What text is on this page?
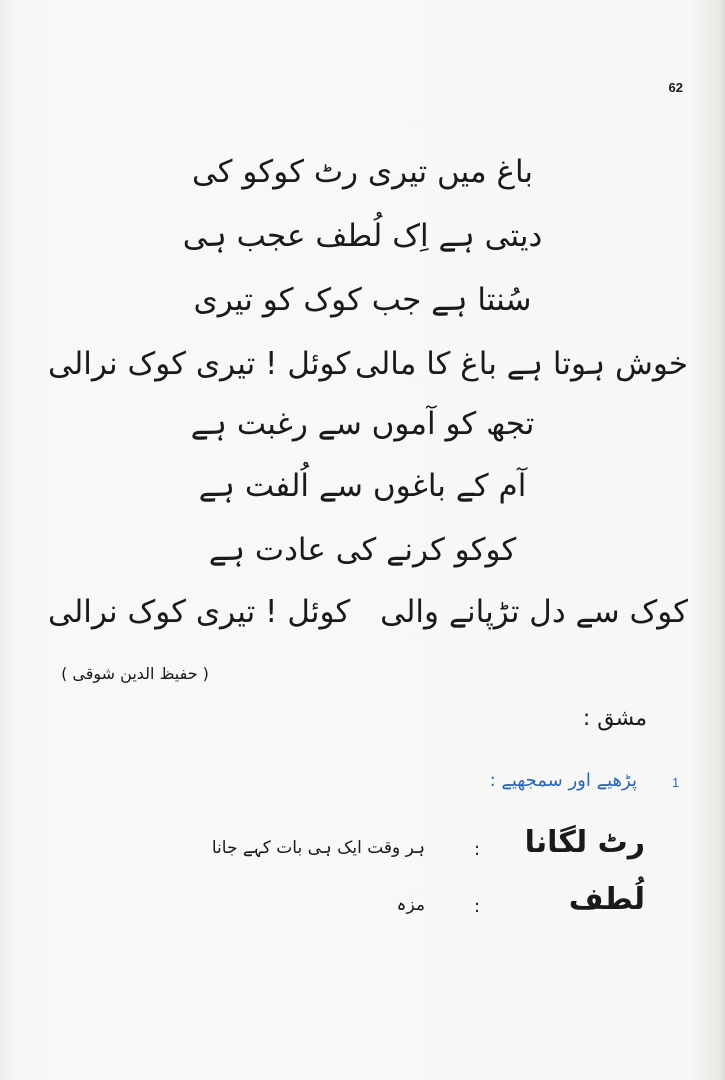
62
باغ میں تیری رٹ کوکو کی
دیتی ہے اِک لُطف عجب ہی
سُنتا ہے جب کوک کو تیری
کوئل ! تیری کوک نرالی خوش ہوتا ہے باغ کا مالی
تجھ کو آموں سے رغبت ہے
آم کے باغوں سے اُلفت ہے
کوکو کرنے کی عادت ہے
کوئل ! تیری کوک نرالی کوک سے دل تڑپانے والی
( حفیظ الدین شوقی )
مشق :
1
پڑھیے اور سمجھیے :
رٹ لگانا
:
ہر وقت ایک ہی بات کہے جانا
لُطف
:
مزہ
